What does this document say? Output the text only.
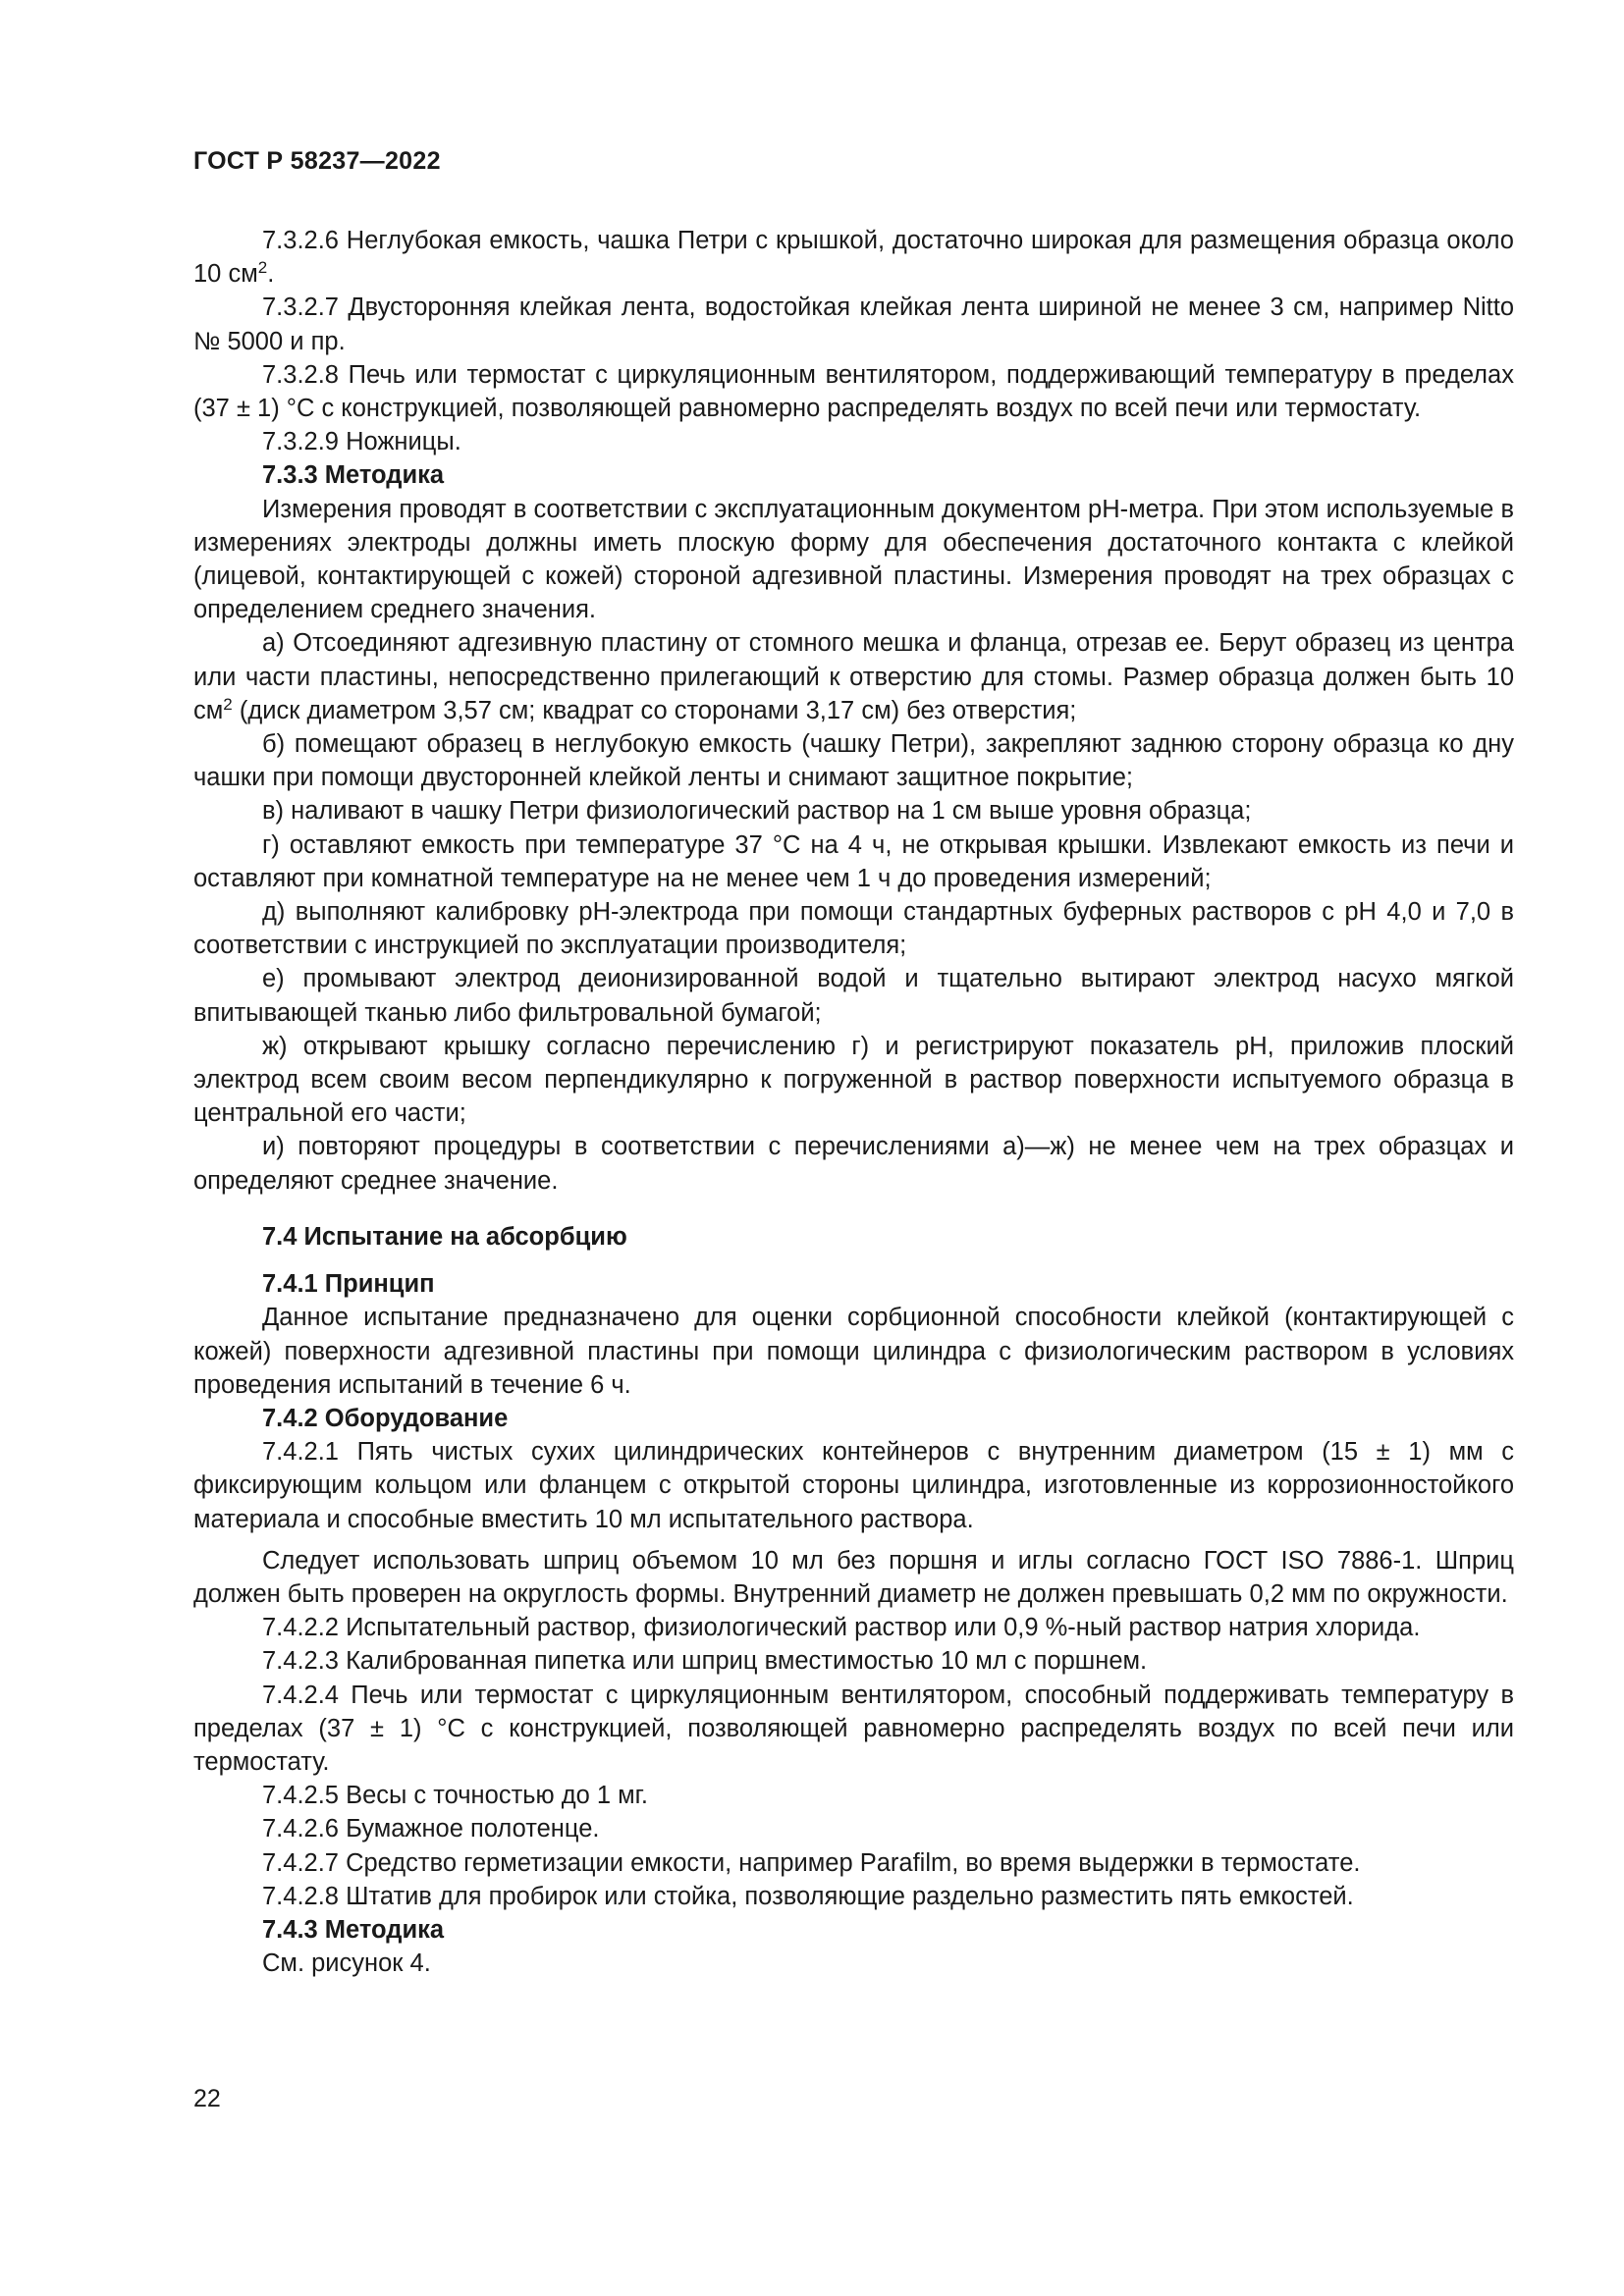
ГОСТ Р 58237—2022

7.3.2.6 Неглубокая емкость, чашка Петри с крышкой, достаточно широкая для размещения образца около 10 $см^2$.

7.3.2.7 Двусторонняя клейкая лента, водостойкая клейкая лента шириной не менее 3 см, например Nitto № 5000 и пр.

7.3.2.8 Печь или термостат с циркуляционным вентилятором, поддерживающий температуру в пределах (37 ± 1) °С с конструкцией, позволяющей равномерно распределять воздух по всей печи или термостату.

7.3.2.9 Ножницы.

7.3.3 Методика

Измерения проводят в соответствии с эксплуатационным документом рН-метра. При этом используемые в измерениях электроды должны иметь плоскую форму для обеспечения достаточного контакта с клейкой (лицевой, контактирующей с кожей) стороной адгезивной пластины. Измерения проводят на трех образцах с определением среднего значения.

а) Отсоединяют адгезивную пластину от стомного мешка и фланца, отрезав ее. Берут образец из центра или части пластины, непосредственно прилегающий к отверстию для стомы. Размер образца должен быть 10 $см^2$ (диск диаметром 3,57 см; квадрат со сторонами 3,17 см) без отверстия;

б) помещают образец в неглубокую емкость (чашку Петри), закрепляют заднюю сторону образца ко дну чашки при помощи двусторонней клейкой ленты и снимают защитное покрытие;

в) наливают в чашку Петри физиологический раствор на 1 см выше уровня образца;

г) оставляют емкость при температуре 37 °С на 4 ч, не открывая крышки. Извлекают емкость из печи и оставляют при комнатной температуре на не менее чем 1 ч до проведения измерений;

д) выполняют калибровку рН-электрода при помощи стандартных буферных растворов с рН 4,0 и 7,0 в соответствии с инструкцией по эксплуатации производителя;

е) промывают электрод деионизированной водой и тщательно вытирают электрод насухо мягкой впитывающей тканью либо фильтровальной бумагой;

ж) открывают крышку согласно перечислению г) и регистрируют показатель рН, приложив плоский электрод всем своим весом перпендикулярно к погруженной в раствор поверхности испытуемого образца в центральной его части;

и) повторяют процедуры в соответствии с перечислениями а)—ж) не менее чем на трех образцах и определяют среднее значение.

7.4 Испытание на абсорбцию

7.4.1 Принцип

Данное испытание предназначено для оценки сорбционной способности клейкой (контактирующей с кожей) поверхности адгезивной пластины при помощи цилиндра с физиологическим раствором в условиях проведения испытаний в течение 6 ч.

7.4.2 Оборудование

7.4.2.1 Пять чистых сухих цилиндрических контейнеров с внутренним диаметром (15 ± 1) мм с фиксирующим кольцом или фланцем с открытой стороны цилиндра, изготовленные из коррозионностойкого материала и способные вместить 10 мл испытательного раствора.

Следует использовать шприц объемом 10 мл без поршня и иглы согласно ГОСТ ISO 7886-1. Шприц должен быть проверен на округлость формы. Внутренний диаметр не должен превышать 0,2 мм по окружности.

7.4.2.2 Испытательный раствор, физиологический раствор или 0,9 %-ный раствор натрия хлорида.

7.4.2.3 Калиброванная пипетка или шприц вместимостью 10 мл с поршнем.

7.4.2.4 Печь или термостат с циркуляционным вентилятором, способный поддерживать температуру в пределах (37 ± 1) °С с конструкцией, позволяющей равномерно распределять воздух по всей печи или термостату.

7.4.2.5 Весы с точностью до 1 мг.

7.4.2.6 Бумажное полотенце.

7.4.2.7 Средство герметизации емкости, например Parafilm, во время выдержки в термостате.

7.4.2.8 Штатив для пробирок или стойка, позволяющие раздельно разместить пять емкостей.

7.4.3 Методика

См. рисунок 4.

22
